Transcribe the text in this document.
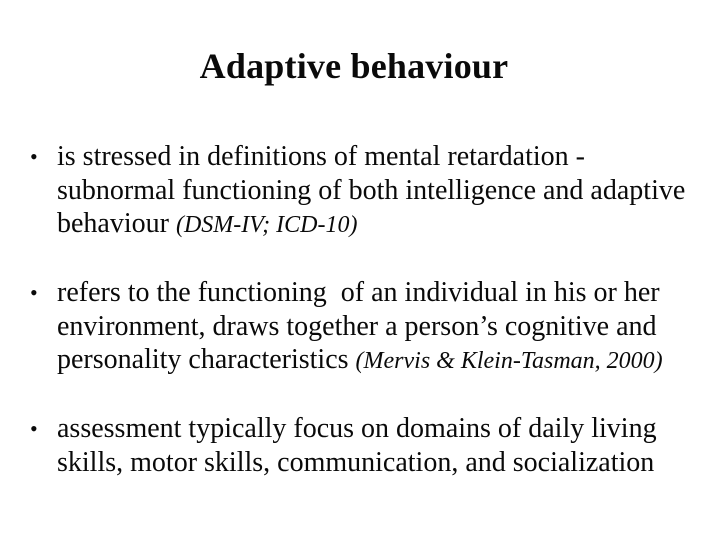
Adaptive behaviour
• is stressed in definitions of mental retardation -
subnormal functioning of both intelligence and adaptive
behaviour (DSM-IV; ICD-10)
• refers to the functioning  of an individual in his or her
environment, draws together a person’s cognitive and
personality characteristics (Mervis & Klein-Tasman, 2000)
• assessment typically focus on domains of daily living
skills, motor skills, communication, and socialization
